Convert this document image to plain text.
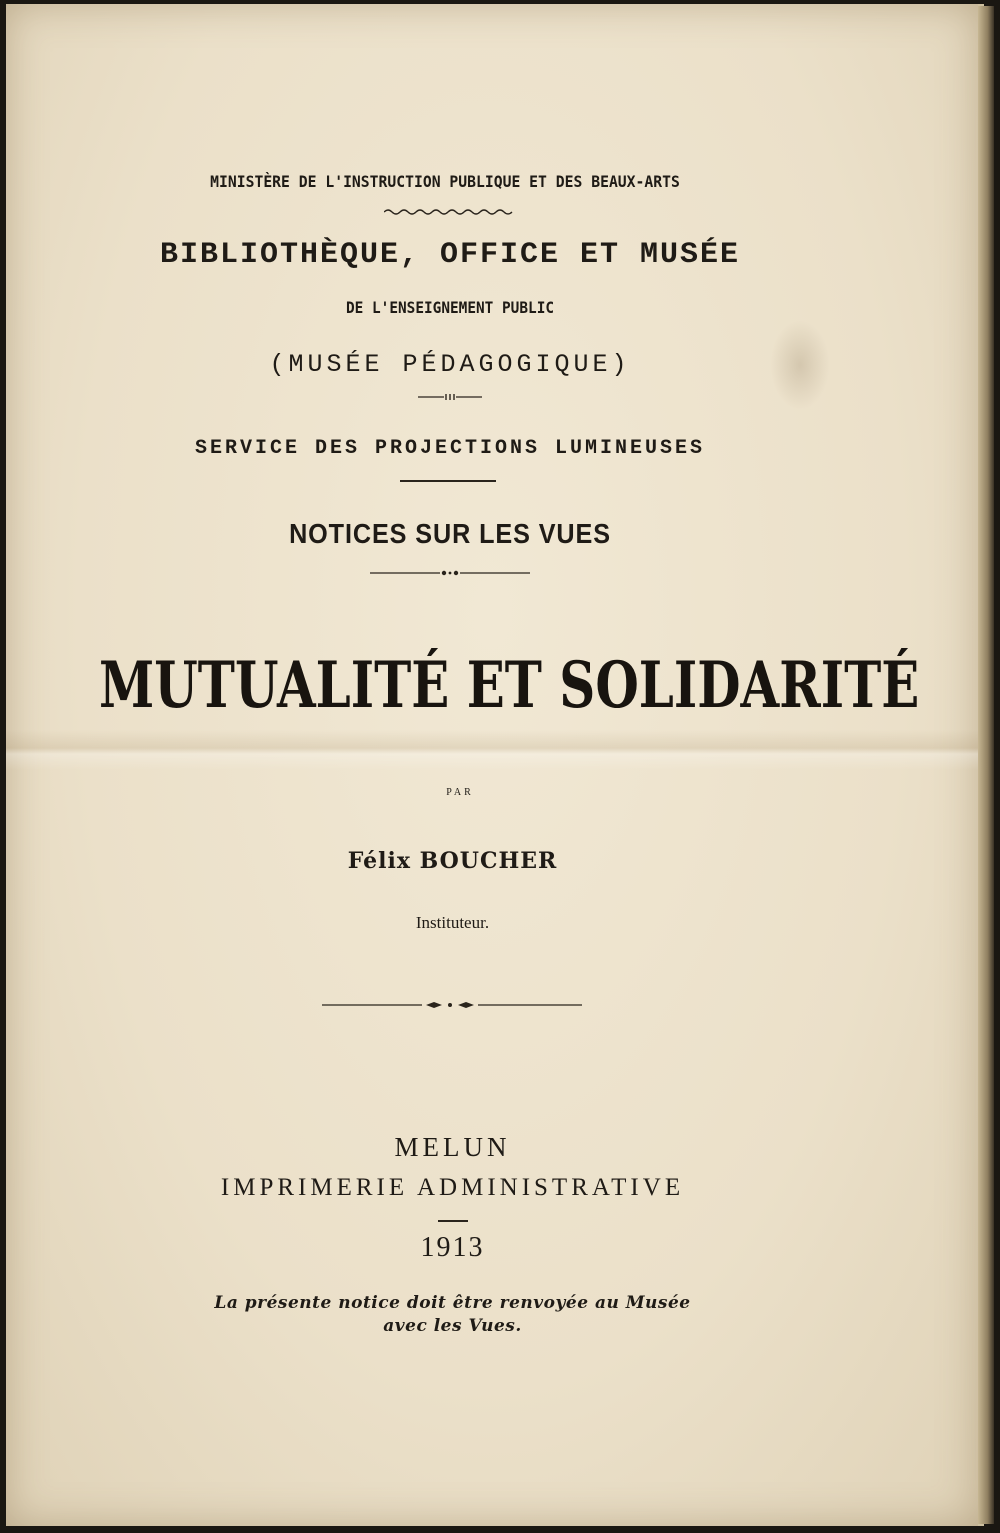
MINISTÈRE DE L'INSTRUCTION PUBLIQUE ET DES BEAUX-ARTS
BIBLIOTHÈQUE, OFFICE ET MUSÉE
DE L'ENSEIGNEMENT PUBLIC
(MUSÉE PÉDAGOGIQUE)
SERVICE DES PROJECTIONS LUMINEUSES
NOTICES SUR LES VUES
MUTUALITÉ ET SOLIDARITÉ
PAR
Félix BOUCHER
Instituteur.
MELUN
IMPRIMERIE ADMINISTRATIVE
1913
La présente notice doit être renvoyée au Musée
avec les Vues.
